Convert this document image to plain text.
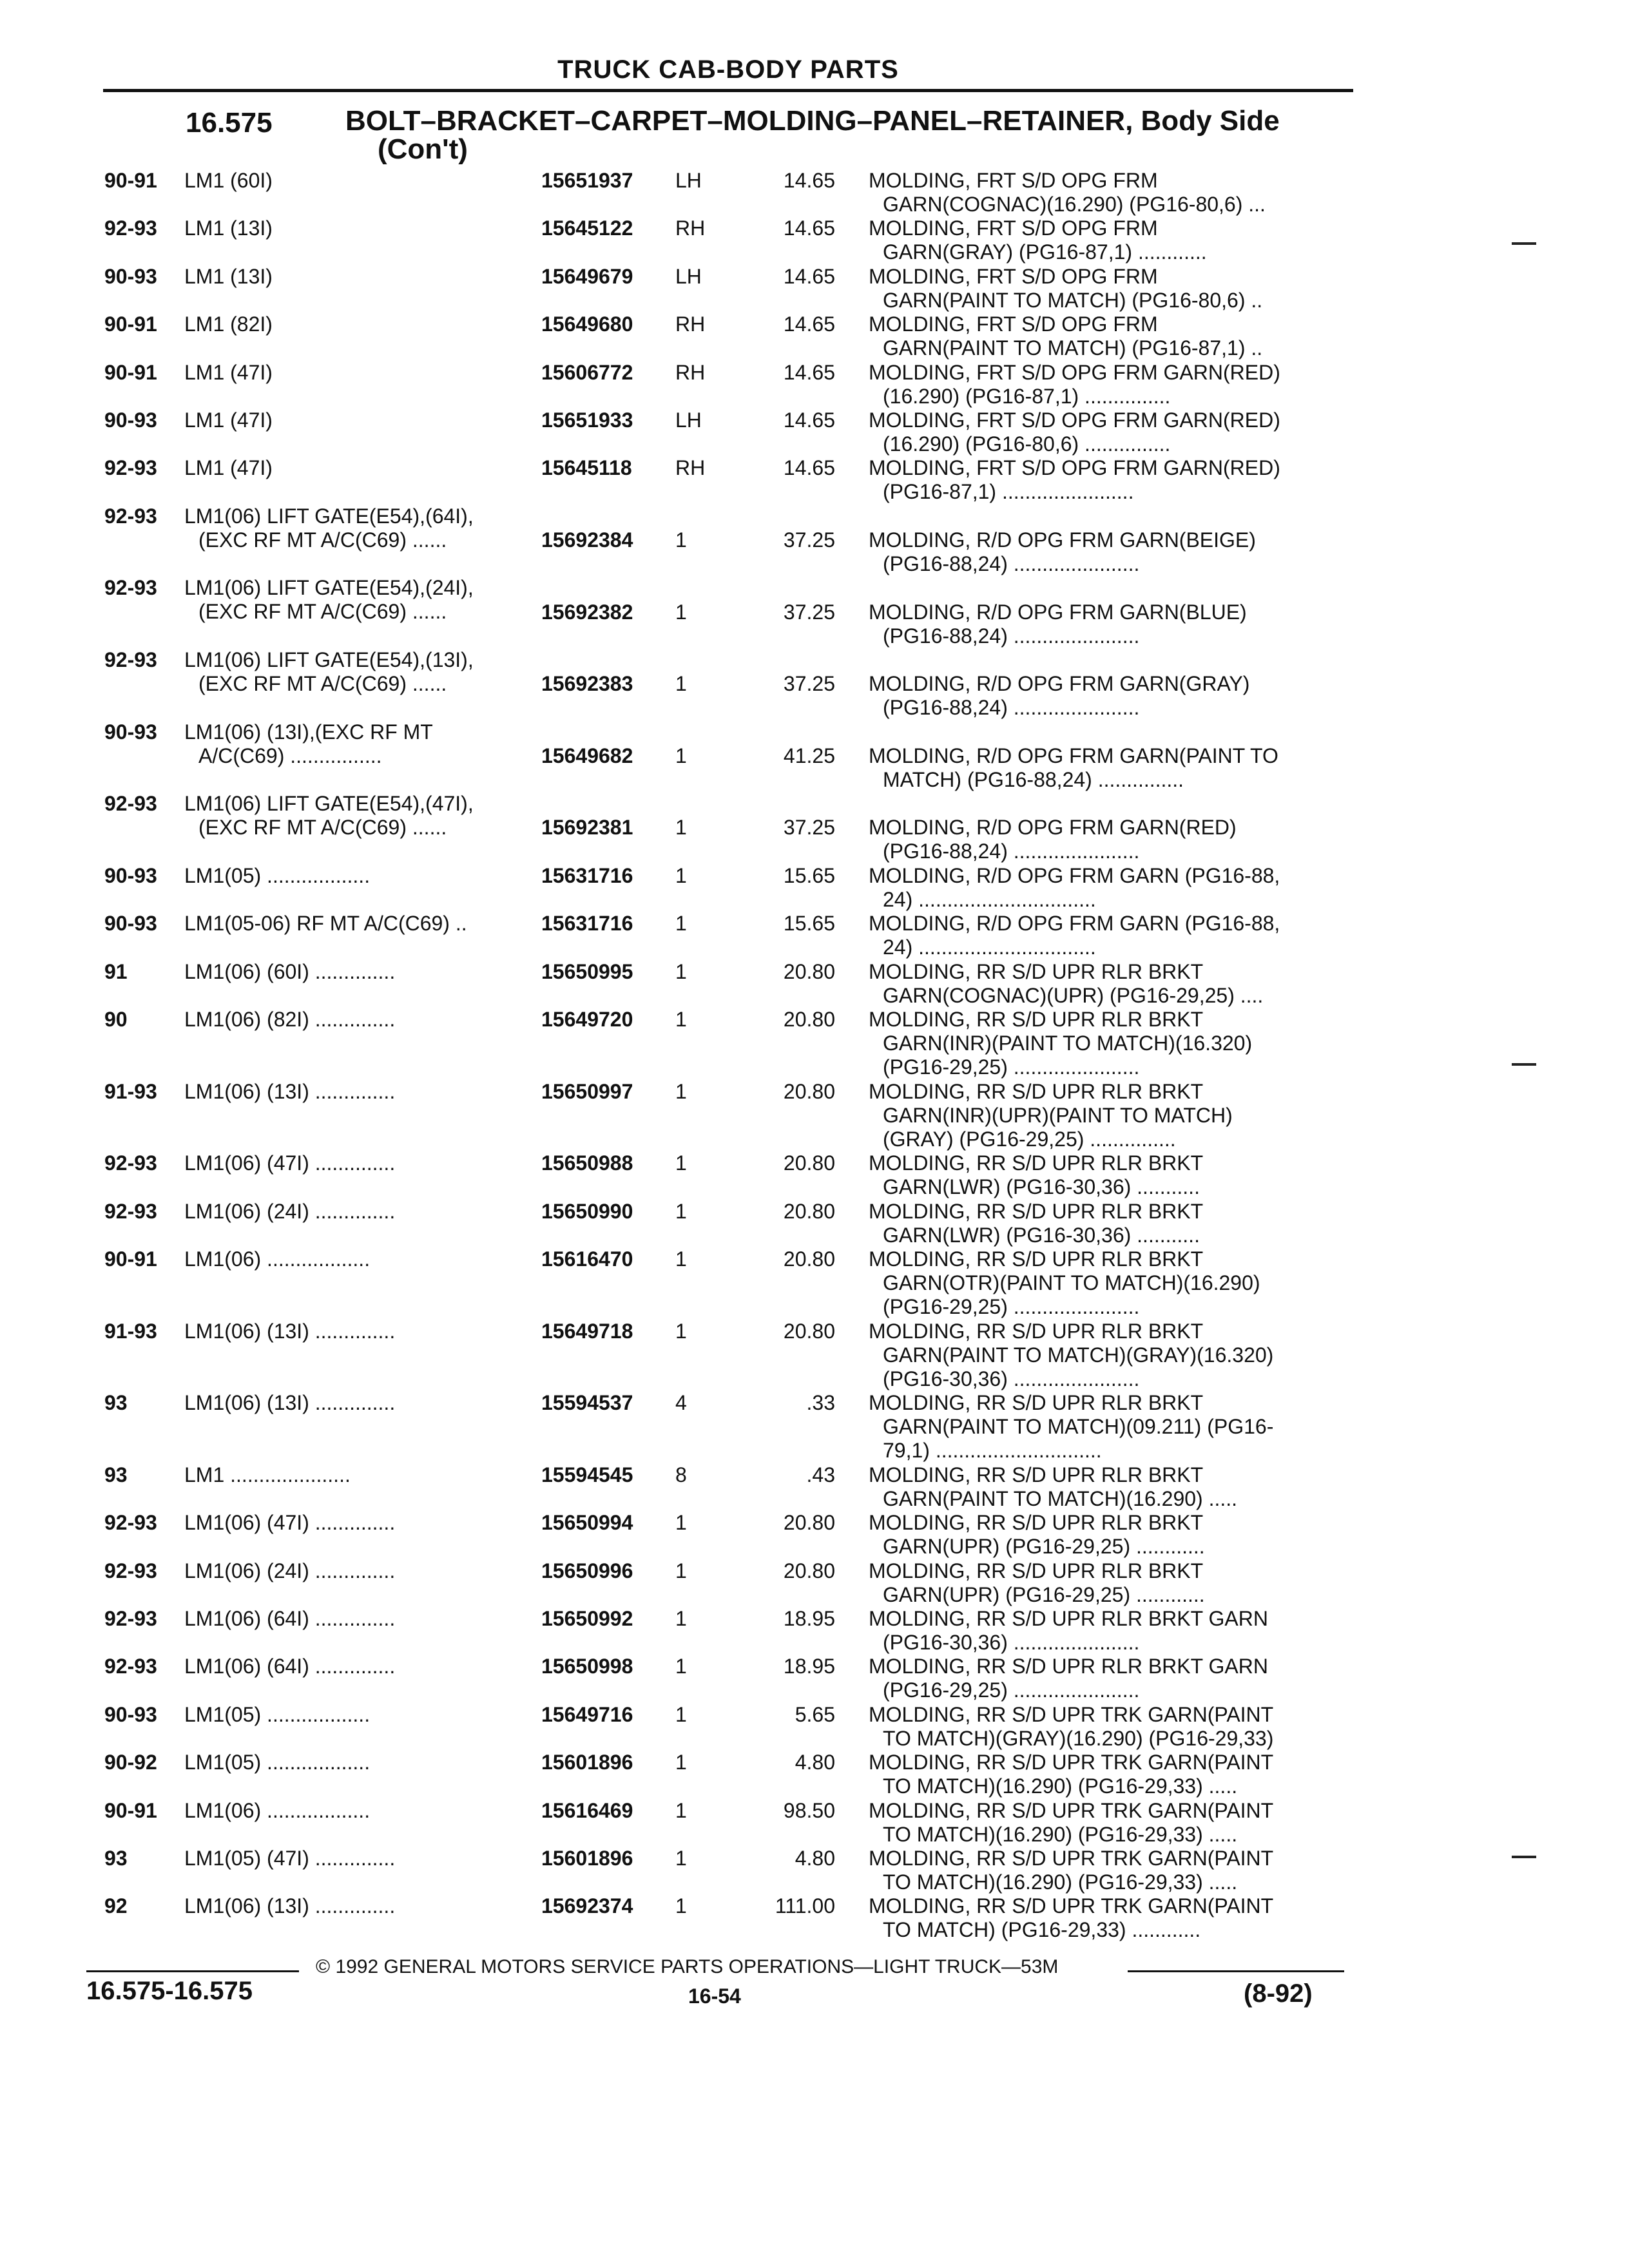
TRUCK CAB-BODY PARTS
16.575	BOLT–BRACKET–CARPET–MOLDING–PANEL–RETAINER, Body Side
(Con't)
90-91	LM1 (60I)	15651937	LH	14.65 MOLDING, FRT S/D OPG FRM
GARN(COGNAC)(16.290) (PG16-80,6) ...
92-93	LM1 (13I)	15645122	RH	14.65 MOLDING, FRT S/D OPG FRM
GARN(GRAY) (PG16-87,1) ............
90-93	LM1 (13I)	15649679	LH	14.65 MOLDING, FRT S/D OPG FRM
GARN(PAINT TO MATCH) (PG16-80,6) ..
90-91	LM1 (82I)	15649680	RH	14.65 MOLDING, FRT S/D OPG FRM
GARN(PAINT TO MATCH) (PG16-87,1) ..
90-91	LM1 (47I)	15606772	RH	14.65 MOLDING, FRT S/D OPG FRM GARN(RED)
(16.290) (PG16-87,1) ...............
90-93	LM1 (47I)	15651933	LH	14.65 MOLDING, FRT S/D OPG FRM GARN(RED)
(16.290) (PG16-80,6) ...............
92-93	LM1 (47I)	15645118	RH	14.65 MOLDING, FRT S/D OPG FRM GARN(RED)
(PG16-87,1) .......................
92-93	LM1(06) LIFT GATE(E54),(64I),
(EXC RF MT A/C(C69) ......	15692384	1	37.25 MOLDING, R/D OPG FRM GARN(BEIGE)
(PG16-88,24) ......................
92-93	LM1(06) LIFT GATE(E54),(24I),
(EXC RF MT A/C(C69) ......	15692382	1	37.25 MOLDING, R/D OPG FRM GARN(BLUE)
(PG16-88,24) ......................
92-93	LM1(06) LIFT GATE(E54),(13I),
(EXC RF MT A/C(C69) ......	15692383	1	37.25 MOLDING, R/D OPG FRM GARN(GRAY)
(PG16-88,24) ......................
90-93	LM1(06) (13I),(EXC RF MT
A/C(C69) ................	15649682	1	41.25 MOLDING, R/D OPG FRM GARN(PAINT TO
MATCH) (PG16-88,24) ...............
92-93	LM1(06) LIFT GATE(E54),(47I),
(EXC RF MT A/C(C69) ......	15692381	1	37.25 MOLDING, R/D OPG FRM GARN(RED)
(PG16-88,24) ......................
90-93	LM1(05) ..................	15631716	1	15.65 MOLDING, R/D OPG FRM GARN (PG16-88,
24) ...............................
90-93	LM1(05-06) RF MT A/C(C69) ..	15631716	1	15.65 MOLDING, R/D OPG FRM GARN (PG16-88,
24) ...............................
91	LM1(06) (60I) ..............	15650995	1	20.80 MOLDING, RR S/D UPR RLR BRKT
GARN(COGNAC)(UPR) (PG16-29,25) ....
90	LM1(06) (82I) ..............	15649720	1	20.80 MOLDING, RR S/D UPR RLR BRKT
GARN(INR)(PAINT TO MATCH)(16.320)
(PG16-29,25) ......................
91-93	LM1(06) (13I) ..............	15650997	1	20.80 MOLDING, RR S/D UPR RLR BRKT
GARN(INR)(UPR)(PAINT TO MATCH)
(GRAY) (PG16-29,25) ...............
92-93	LM1(06) (47I) ..............	15650988	1	20.80 MOLDING, RR S/D UPR RLR BRKT
GARN(LWR) (PG16-30,36) ...........
92-93	LM1(06) (24I) ..............	15650990	1	20.80 MOLDING, RR S/D UPR RLR BRKT
GARN(LWR) (PG16-30,36) ...........
90-91	LM1(06) ..................	15616470	1	20.80 MOLDING, RR S/D UPR RLR BRKT
GARN(OTR)(PAINT TO MATCH)(16.290)
(PG16-29,25) ......................
91-93	LM1(06) (13I) ..............	15649718	1	20.80 MOLDING, RR S/D UPR RLR BRKT
GARN(PAINT TO MATCH)(GRAY)(16.320)
(PG16-30,36) ......................
93	LM1(06) (13I) ..............	15594537	4	.33 MOLDING, RR S/D UPR RLR BRKT
GARN(PAINT TO MATCH)(09.211) (PG16-
79,1) .............................
93	LM1 .....................	15594545	8	.43 MOLDING, RR S/D UPR RLR BRKT
GARN(PAINT TO MATCH)(16.290) .....
92-93	LM1(06) (47I) ..............	15650994	1	20.80 MOLDING, RR S/D UPR RLR BRKT
GARN(UPR) (PG16-29,25) ............
92-93	LM1(06) (24I) ..............	15650996	1	20.80 MOLDING, RR S/D UPR RLR BRKT
GARN(UPR) (PG16-29,25) ............
92-93	LM1(06) (64I) ..............	15650992	1	18.95 MOLDING, RR S/D UPR RLR BRKT GARN
(PG16-30,36) ......................
92-93	LM1(06) (64I) ..............	15650998	1	18.95 MOLDING, RR S/D UPR RLR BRKT GARN
(PG16-29,25) ......................
90-93	LM1(05) ..................	15649716	1	5.65 MOLDING, RR S/D UPR TRK GARN(PAINT
TO MATCH)(GRAY)(16.290) (PG16-29,33)
90-92	LM1(05) ..................	15601896	1	4.80 MOLDING, RR S/D UPR TRK GARN(PAINT
TO MATCH)(16.290) (PG16-29,33) .....
90-91	LM1(06) ..................	15616469	1	98.50 MOLDING, RR S/D UPR TRK GARN(PAINT
TO MATCH)(16.290) (PG16-29,33) .....
93	LM1(05) (47I) ..............	15601896	1	4.80 MOLDING, RR S/D UPR TRK GARN(PAINT
TO MATCH)(16.290) (PG16-29,33) .....
92	LM1(06) (13I) ..............	15692374	1	111.00 MOLDING, RR S/D UPR TRK GARN(PAINT
TO MATCH) (PG16-29,33) ............
© 1992 GENERAL MOTORS SERVICE PARTS OPERATIONS—LIGHT TRUCK—53M
16.575-16.575	16-54	(8-92)
